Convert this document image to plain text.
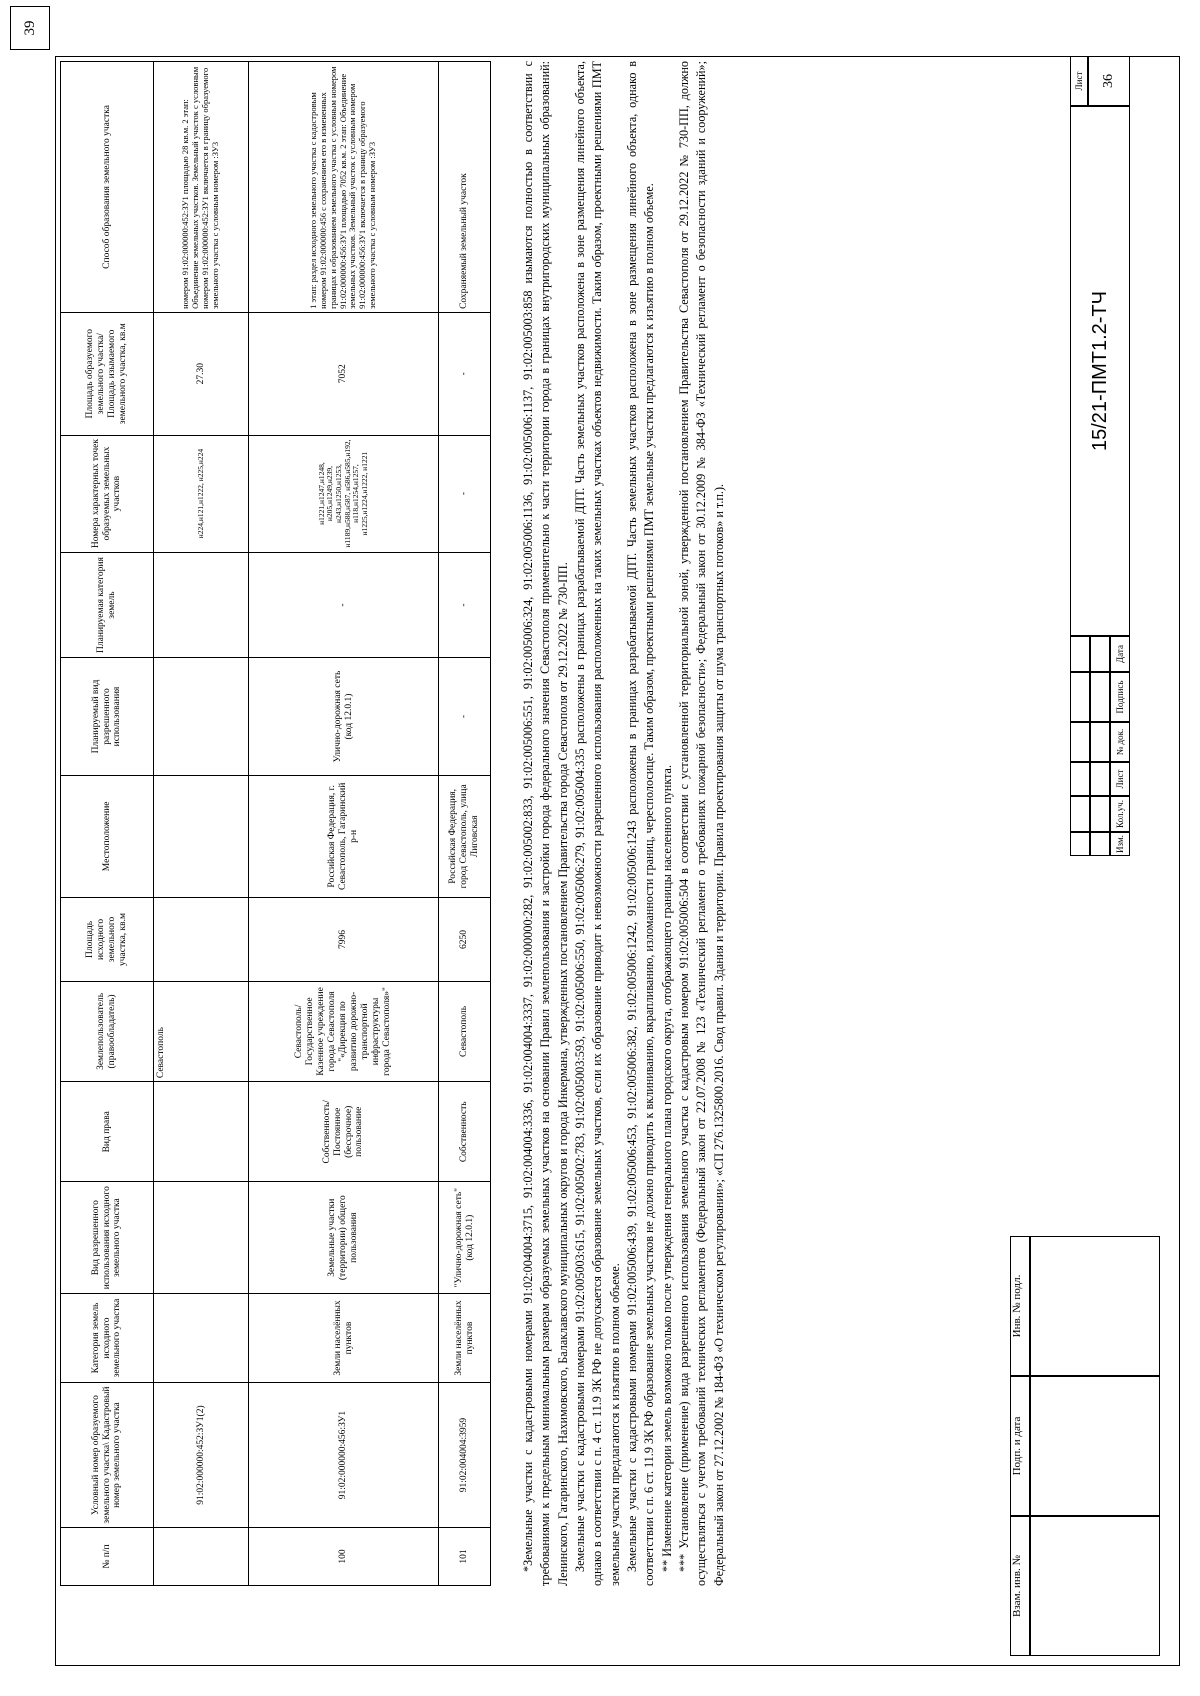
39
№ п/п	Условный номер образуемого земельного участка\ Кадастровый номер земельного участка	Категория земель исходного земельного участка	Вид разрешенного использования исходного земельного участка	Вид права	Землепользователь (правообладатель)	Площадь исходного земельного участка, кв.м	Местоположение	Планируемый вид разрешенного использования	Планируемая категория земель	Номера характерных точек образуемых земельных участков	Площадь образуемого земельного участка/Площадь изымаемого земельного участка, кв.м	Способ образования земельного участка
	91:02:000000:452:ЗУ1(2)				Севастополь					н224,н121,н1222, н225,н224	27.30	номером 91:02:000000:452:ЗУ1 площадью 28 кв.м. 2 этап: Объединение земельных участков. Земельный участок с условным номером 91:02:000000:452:ЗУ1 включается в границу образуемого земельного участка с условным номером :ЗУ3
100	91:02:000000:456:ЗУ1	Земли населённых пунктов	Земельные участки (территории) общего пользования	Собственность/ Постоянное (бессрочное) пользование	Севастополь/ Государственное Казенное учреждение города Севастополя "«Дирекция по развитию дорожно-транспортной инфраструктуры города Севастополя»"	7996	Российская Федерация, г. Севастополь, Гагаринский р-н	Улично-дорожная сеть (код 12.0.1)	-	н1221,н1247,н1248, н205,н1249,н239, н243,н1250,н1253, н1189,н588,н587, н586,н585,н192, н118,н1254,н1257, н1225,н1224,н1222, н1221	7052	1 этап: раздел исходного земельного участка с кадастровым номером 91:02:000000:456 с сохранением его в измененных границах и образованием земельного участка с условным номером 91:02:000000:456:ЗУ1 площадью 7052 кв.м. 2 этап: Объединение земельных участков. Земельный участок с условным номером 91:02:000000:456:ЗУ1 включается в границу образуемого земельного участка с условным номером :ЗУ3
101	91:02:004004:3959	Земли населённых пунктов	"Улично-дорожная сеть" (код 12.0.1)	Собственность	Севастополь	6250	Российская Федерация, город Севастополь, улица Лиговская	-	-	-	-	Сохраняемый земельный участок	*Земельные участки с кадастровыми номерами 91:02:004004:3715, 91:02:004004:3336, 91:02:004004:3337, 91:02:000000:282, 91:02:005002:833, 91:02:005006:551, 91:02:005006:324, 91:02:005006:1136, 91:02:005006:1137, 91:02:005003:858 изымаются полностью в соответствии с требованиями к предельным минимальным размерам образуемых земельных участков на основании Правил землепользования и застройки города федерального значения Севастополя применительно к части территории города в границах внутригородских муниципальных образований: Ленинского, Гагаринского, Нахимовского, Балаклавского муниципальных округов и города Инкермана, утвержденных постановлением Правительства города Севастополя от 29.12.2022 № 730-ПП. Земельные участки с кадастровыми номерами 91:02:005003:615, 91:02:005002:783, 91:02:005003:593, 91:02:005006:550, 91:02:005006:279, 91:02:005004:335 расположены в границах разрабатываемой ДПТ. Часть земельных участков расположена в зоне размещения линейного объекта, однако в соответствии с п. 4 ст. 11.9 ЗК РФ не допускается образование земельных участков, если их образование приводит к невозможности разрешенного использования расположенных на таких земельных участках объектов недвижимости. Таким образом, проектными решениями ПМТ земельные участки предлагаются к изъятию в полном объеме. Земельные участки с кадастровыми номерами 91:02:005006:439, 91:02:005006:453, 91:02:005006:382, 91:02:005006:1242, 91:02:005006:1243 расположены в границах разрабатываемой ДПТ. Часть земельных участков расположена в зоне размещения линейного объекта, однако в соответствии с п. 6 ст. 11.9 ЗК РФ образование земельных участков не должно приводить к вклиниванию, вкрапливанию, изломанности границ, чересполосице. Таким образом, проектными решениями ПМТ земельные участки предлагаются к изъятию в полном объеме. ** Изменение категории земель возможно только после утверждения генерального плана городского округа, отображающего границы населенного пункта. *** Установление (применение) вида разрешенного использования земельного участка с кадастровым номером 91:02:005006:504 в соответствии с установленной территориальной зоной, утвержденной постановлением Правительства Севастополя от 29.12.2022 № 730-ПП, должно осуществляться с учетом требований технических регламентов (Федеральный закон от 22.07.2008 № 123 «Технический регламент о требованиях пожарной безопасности»; Федеральный закон от 30.12.2009 № 384-ФЗ «Технический регламент о безопасности зданий и сооружений»; Федеральный закон от 27.12.2002 № 184-ФЗ «О техническом регулировании»; «СП 276.1325800.2016. Свод правил. Здания и территории. Правила проектирования защиты от шума транспортных потоков» и т.п.).	Взам. инв. №
Подп. и дата
Инв. № подл.
Изм.
Кол.уч.
Лист
№ док.
Подпись
Дата
15/21-ПМТ1.2-ТЧ
Лист	36
